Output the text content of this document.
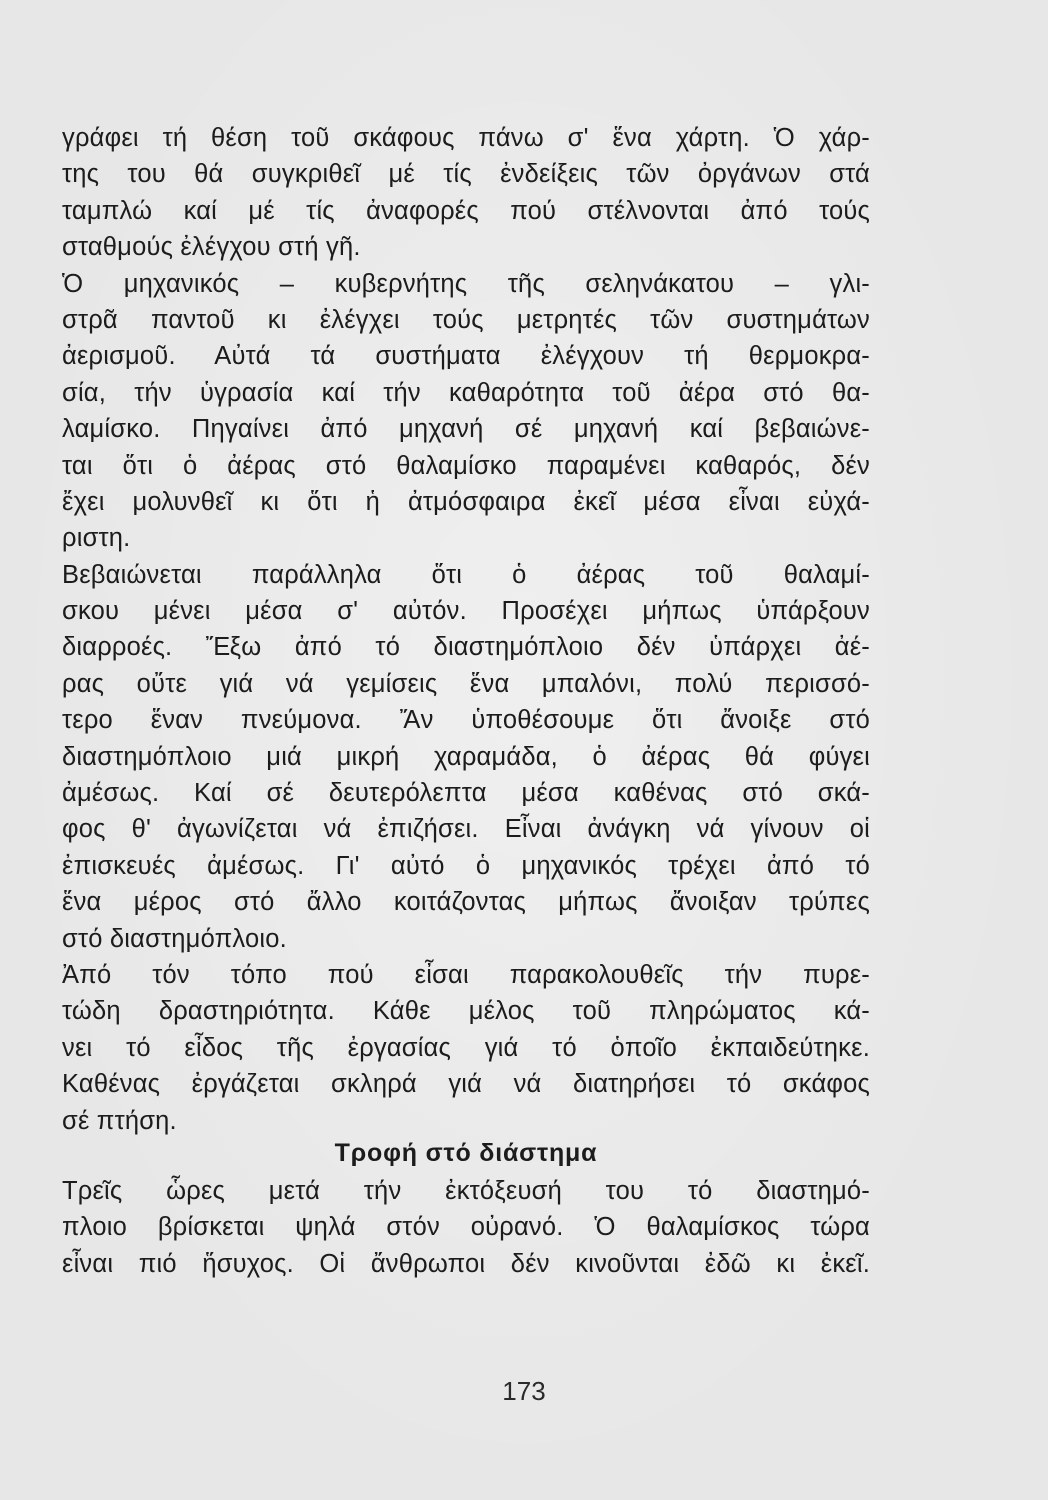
γράφει τή θέση τοῦ σκάφους πάνω σ' ἕνα χάρτη. Ὁ χάρ-
της του θά συγκριθεῖ μέ τίς ἐνδείξεις τῶν ὀργάνων στά
ταμπλώ καί μέ τίς ἀναφορές πού στέλνονται ἀπό τούς
σταθμούς ἐλέγχου στή γῆ.
Ὁ μηχανικός – κυβερνήτης τῆς σεληνάκατου – γλι-
στρᾶ παντοῦ κι ἐλέγχει τούς μετρητές τῶν συστημάτων
ἀερισμοῦ. Αὐτά τά συστήματα ἐλέγχουν τή θερμοκρα-
σία, τήν ὑγρασία καί τήν καθαρότητα τοῦ ἀέρα στό θα-
λαμίσκο. Πηγαίνει ἀπό μηχανή σέ μηχανή καί βεβαιώνε-
ται ὅτι ὁ ἀέρας στό θαλαμίσκο παραμένει καθαρός, δέν
ἔχει μολυνθεῖ κι ὅτι ἡ ἀτμόσφαιρα ἐκεῖ μέσα εἶναι εὐχά-
ριστη.
Βεβαιώνεται παράλληλα ὅτι ὁ ἀέρας τοῦ θαλαμί-
σκου μένει μέσα σ' αὐτόν. Προσέχει μήπως ὑπάρξουν
διαρροές. Ἔξω ἀπό τό διαστημόπλοιο δέν ὑπάρχει ἀέ-
ρας οὔτε γιά νά γεμίσεις ἕνα μπαλόνι, πολύ περισσό-
τερο ἕναν πνεύμονα. Ἄν ὑποθέσουμε ὅτι ἄνοιξε στό
διαστημόπλοιο μιά μικρή χαραμάδα, ὁ ἀέρας θά φύγει
ἀμέσως. Καί σέ δευτερόλεπτα μέσα καθένας στό σκά-
φος θ' ἀγωνίζεται νά ἐπιζήσει. Εἶναι ἀνάγκη νά γίνουν οἱ
ἐπισκευές ἀμέσως. Γι' αὐτό ὁ μηχανικός τρέχει ἀπό τό
ἕνα μέρος στό ἄλλο κοιτάζοντας μήπως ἄνοιξαν τρύπες
στό διαστημόπλοιο.
Ἀπό τόν τόπο πού εἶσαι παρακολουθεῖς τήν πυρε-
τώδη δραστηριότητα. Κάθε μέλος τοῦ πληρώματος κά-
νει τό εἶδος τῆς ἐργασίας γιά τό ὁποῖο ἐκπαιδεύτηκε.
Καθένας ἐργάζεται σκληρά γιά νά διατηρήσει τό σκάφος
σέ πτήση.
Τροφή στό διάστημα
Τρεῖς ὧρες μετά τήν ἐκτόξευσή του τό διαστημό-
πλοιο βρίσκεται ψηλά στόν οὐρανό. Ὁ θαλαμίσκος τώρα
εἶναι πιό ἥσυχος. Οἱ ἄνθρωποι δέν κινοῦνται ἐδῶ κι ἐκεῖ.
173
